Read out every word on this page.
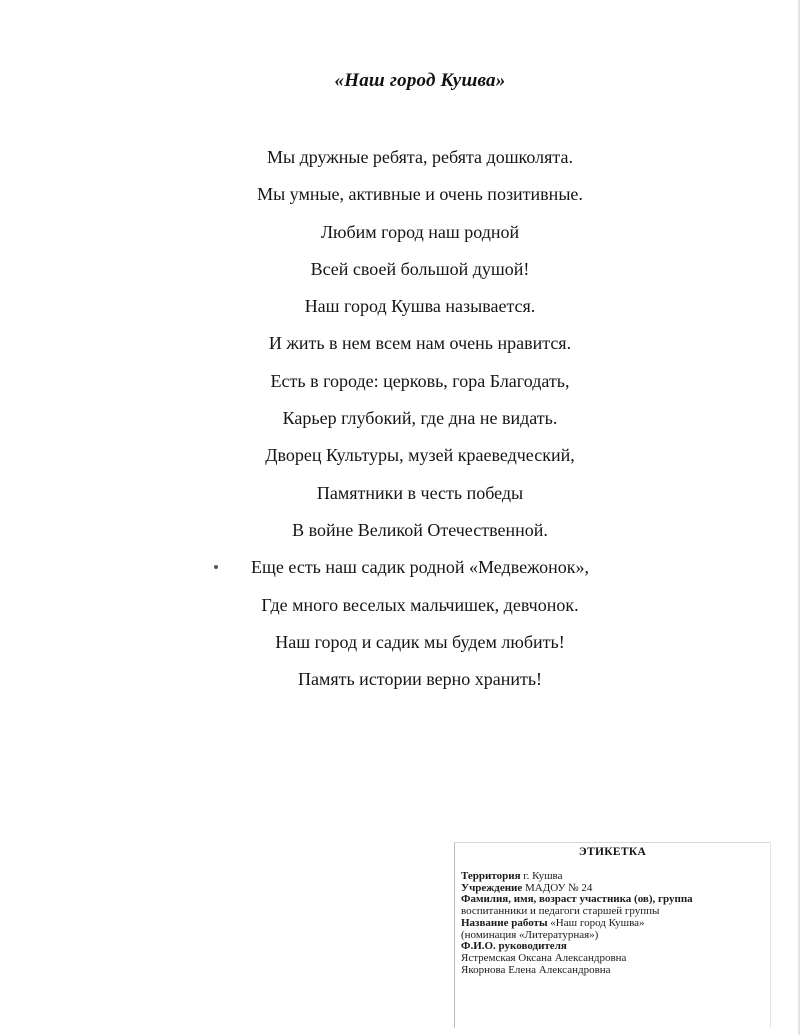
«Наш город Кушва»
Мы дружные ребята, ребята дошколята.
Мы умные, активные и очень позитивные.
Любим город наш родной
Всей своей большой душой!
Наш город Кушва называется.
И жить в нем всем нам очень нравится.
Есть в городе: церковь, гора Благодать,
Карьер глубокий, где дна не видать.
Дворец Культуры, музей краеведческий,
Памятники в честь победы
В войне Великой Отечественной.
Еще есть наш садик родной «Медвежонок»,
Где много веселых мальчишек, девчонок.
Наш город и садик мы будем любить!
Память истории верно хранить!
ЭТИКЕТКА
Территория г. Кушва
Учреждение МАДОУ № 24
Фамилия, имя, возраст участника (ов), группа
воспитанники и педагоги старшей группы
Название работы «Наш город Кушва»
(номинация «Литературная»)
Ф.И.О. руководителя
Ястремская Оксана Александровна
Якорнова Елена Александровна
